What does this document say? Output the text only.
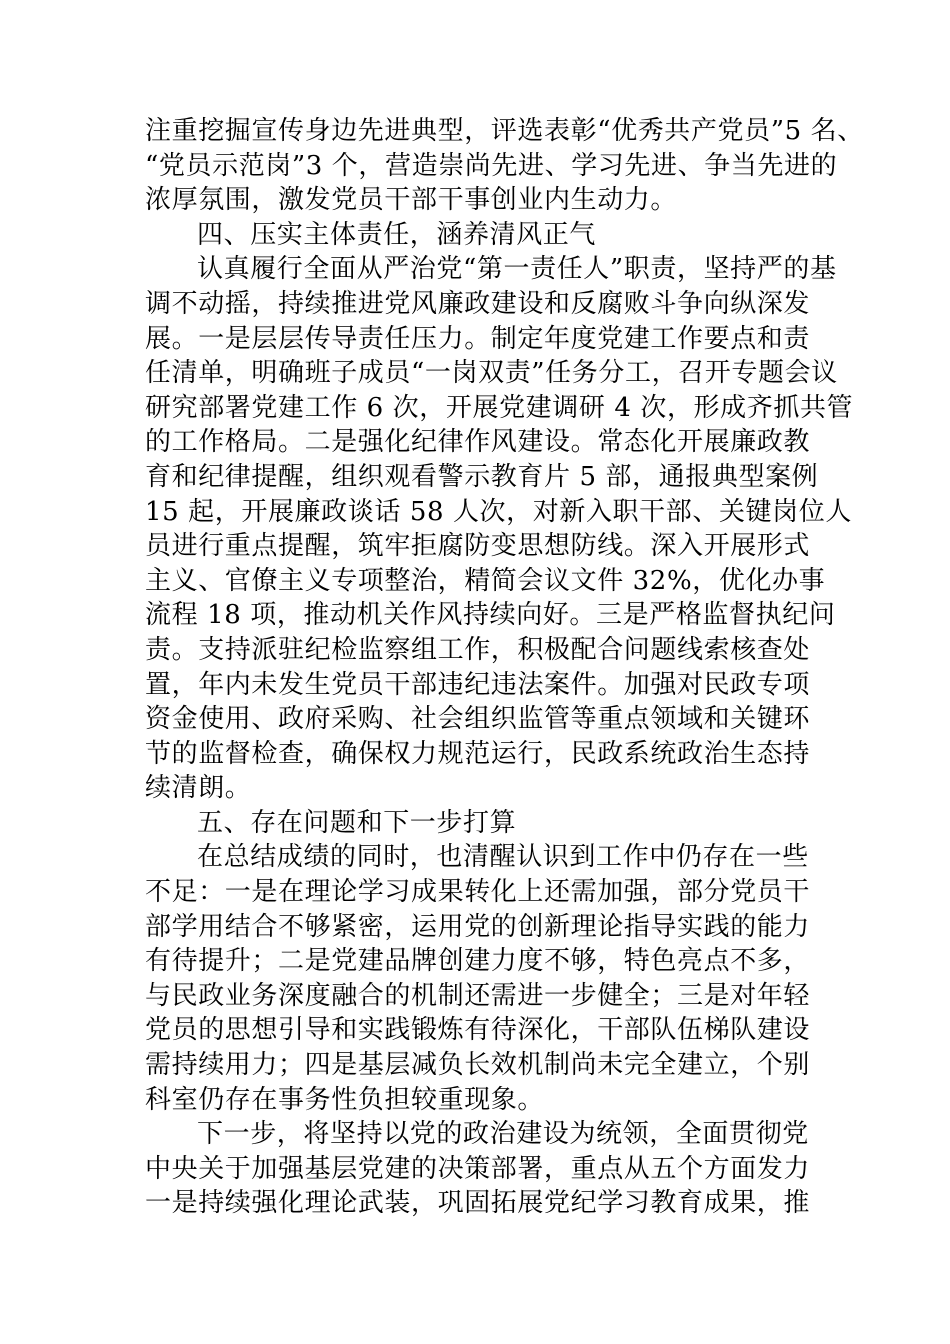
注重挖掘宣传身边先进典型，评选表彰“优秀共产党员”5 名、
“党员示范岗”3 个，营造崇尚先进、学习先进、争当先进的
浓厚氛围，激发党员干部干事创业内生动力。
四、压实主体责任，涵养清风正气
认真履行全面从严治党“第一责任人”职责，坚持严的基
调不动摇，持续推进党风廉政建设和反腐败斗争向纵深发
展。一是层层传导责任压力。制定年度党建工作要点和责
任清单，明确班子成员“一岗双责”任务分工，召开专题会议
研究部署党建工作 6 次，开展党建调研 4 次，形成齐抓共管
的工作格局。二是强化纪律作风建设。常态化开展廉政教
育和纪律提醒，组织观看警示教育片 5 部，通报典型案例
15 起，开展廉政谈话 58 人次，对新入职干部、关键岗位人
员进行重点提醒，筑牢拒腐防变思想防线。深入开展形式
主义、官僚主义专项整治，精简会议文件 32%，优化办事
流程 18 项，推动机关作风持续向好。三是严格监督执纪问
责。支持派驻纪检监察组工作，积极配合问题线索核查处
置，年内未发生党员干部违纪违法案件。加强对民政专项
资金使用、政府采购、社会组织监管等重点领域和关键环
节的监督检查，确保权力规范运行，民政系统政治生态持
续清朗。
五、存在问题和下一步打算
在总结成绩的同时，也清醒认识到工作中仍存在一些
不足：一是在理论学习成果转化上还需加强，部分党员干
部学用结合不够紧密，运用党的创新理论指导实践的能力
有待提升；二是党建品牌创建力度不够，特色亮点不多，
与民政业务深度融合的机制还需进一步健全；三是对年轻
党员的思想引导和实践锻炼有待深化，干部队伍梯队建设
需持续用力；四是基层减负长效机制尚未完全建立，个别
科室仍存在事务性负担较重现象。
下一步，将坚持以党的政治建设为统领，全面贯彻党
中央关于加强基层党建的决策部署，重点从五个方面发力
一是持续强化理论武装，巩固拓展党纪学习教育成果，推
